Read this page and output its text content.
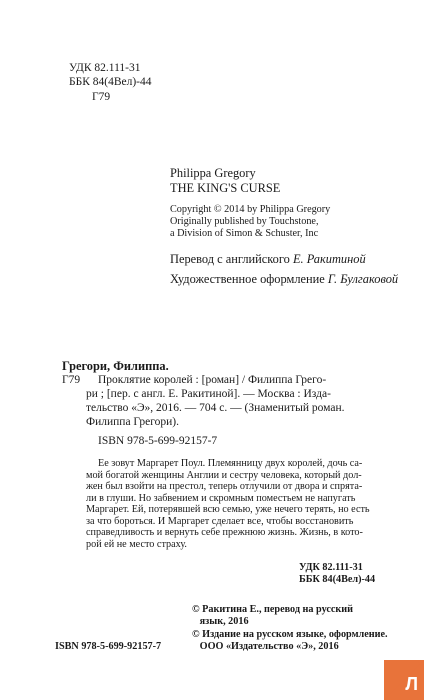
УДК 82.111-31
ББК 84(4Вел)-44
Г79
Philippa Gregory
THE KING'S CURSE
Copyright © 2014 by Philippa Gregory
Originally published by Touchstone,
a Division of Simon & Schuster, Inc
Перевод с английского Е. Ракитиной
Художественное оформление Г. Булгаковой
Грегори, Филиппа.
Г79 Проклятие королей : [роман] / Филиппа Грего-
ри ; [пер. с англ. Е. Ракитиной]. — Москва : Изда-
тельство «Э», 2016. — 704 с. — (Знаменитый роман.
Филиппа Грегори).
ISBN 978-5-699-92157-7
Ее зовут Маргарет Поул. Племянницу двух королей, дочь са-
мой богатой женщины Англии и сестру человека, который дол-
жен был взойти на престол, теперь отлучили от двора и спрята-
ли в глуши. Но забвением и скромным поместьем не напугать
Маргарет. Ей, потерявшей всю семью, уже нечего терять, но есть
за что бороться. И Маргарет сделает все, чтобы восстановить
справедливость и вернуть себе прежнюю жизнь. Жизнь, в кото-
рой ей не место страху.
УДК 82.111-31
ББК 84(4Вел)-44
© Ракитина Е., перевод на русский
язык, 2016
© Издание на русском языке, оформление.
ООО «Издательство «Э», 2016
ISBN 978-5-699-92157-7
Л
